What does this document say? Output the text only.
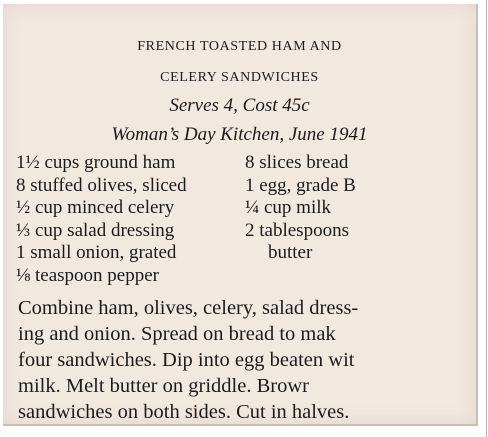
FRENCH TOASTED HAM AND
CELERY SANDWICHES
Serves 4, Cost 45c
Woman’s Day Kitchen, June 1941
1½ cups ground ham
8 stuffed olives, sliced
½ cup minced celery
⅓ cup salad dressing
1 small onion, grated
⅛ teaspoon pepper
8 slices bread
1 egg, grade B
¼ cup milk
2 tablespoons
butter
Combine ham, olives, celery, salad dress-
ing and onion. Spread on bread to mak
four sandwiches. Dip into egg beaten wit
milk. Melt butter on griddle. Browr
sandwiches on both sides. Cut in halves.
